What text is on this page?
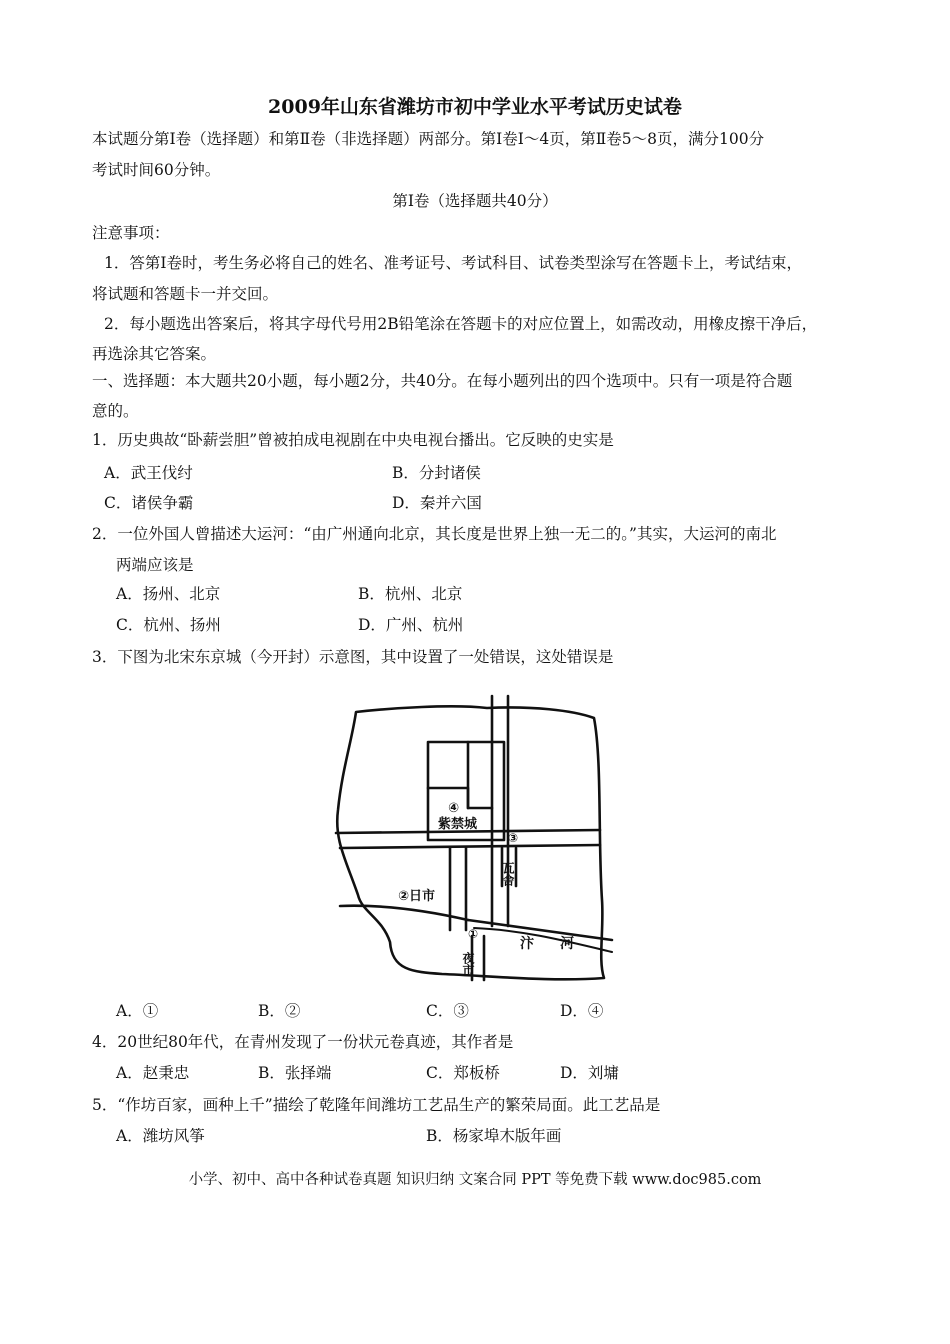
2009年山东省潍坊市初中学业水平考试历史试卷
本试题分第Ⅰ卷（选择题）和第Ⅱ卷（非选择题）两部分。第Ⅰ卷Ⅰ～4页，第Ⅱ卷5～8页，满分100分
考试时间60分钟。
第Ⅰ卷（选择题共40分）
注意事项：
1．答第Ⅰ卷时，考生务必将自己的姓名、准考证号、考试科目、试卷类型涂写在答题卡上，考试结束，
将试题和答题卡一并交回。
2．每小题选出答案后，将其字母代号用2B铅笔涂在答题卡的对应位置上，如需改动，用橡皮擦干净后，
再选涂其它答案。
一、选择题：本大题共20小题，每小题2分，共40分。在每小题列出的四个选项中。只有一项是符合题
意的。
1．历史典故“卧薪尝胆”曾被拍成电视剧在中央电视台播出。它反映的史实是
A．武王伐纣	B．分封诸侯
C．诸侯争霸	D．秦并六国
2．一位外国人曾描述大运河：“由广州通向北京，其长度是世界上独一无二的。”其实，大运河的南北
两端应该是
A．扬州、北京	B．杭州、北京
C．杭州、扬州	D．广州、杭州
3．下图为北宋东京城（今开封）示意图，其中设置了一处错误，这处错误是
④
紫禁城
③
瓦舍
②日市
①
夜市
汴河
A．①	B．②	C．③	D．④
4．20世纪80年代，在青州发现了一份状元卷真迹，其作者是
A．赵秉忠	B．张择端	C．郑板桥	D．刘墉
5．“作坊百家，画种上千”描绘了乾隆年间潍坊工艺品生产的繁荣局面。此工艺品是
A．潍坊风筝	B．杨家埠木版年画
小学、初中、高中各种试卷真题 知识归纳 文案合同 PPT 等免费下载 www.doc985.com
